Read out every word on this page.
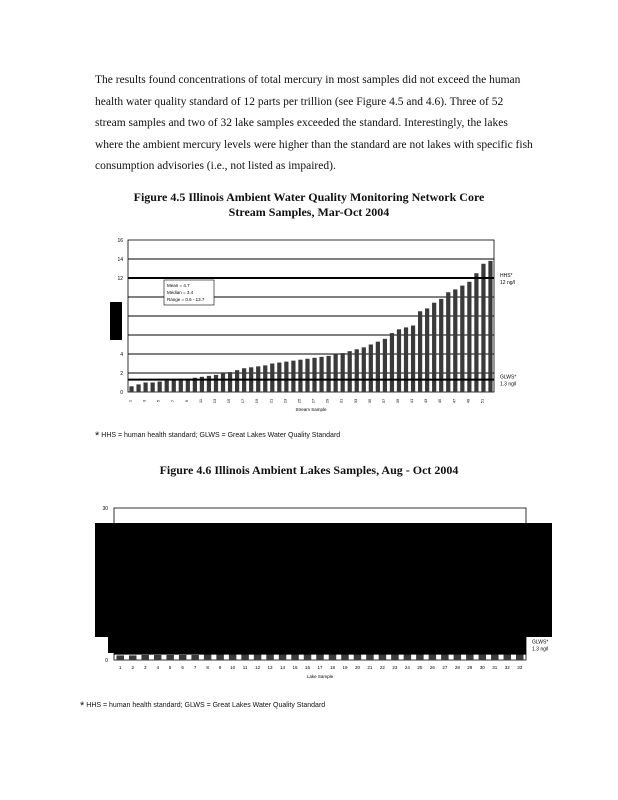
The results found concentrations of total mercury in most samples did not exceed the human health water quality standard of 12 parts per trillion (see Figure 4.5 and 4.6). Three of 52 stream samples and two of 32 lake samples exceeded the standard. Interestingly, the lakes where the ambient mercury levels were higher than the standard are not lakes with specific fish consumption advisories (i.e., not listed as impaired).

Figure 4.5 Illinois Ambient Water Quality Monitoring Network Core
Stream Samples, Mar-Oct 2004
0
2
4
12
14
16
1 3 5 7 9 11 13 15 17 19 21 23 25 27 29 31 33 35 37 39 41 43 45 47 49 51
Stream Sample
HHS*
12 ng/l
GLWS*
1.3 ng/l
Mean = 4.7
Median = 3.4
Range = 0.6 - 13.7
* HHS = human health standard; GLWS = Great Lakes Water Quality Standard
Figure 4.6 Illinois Ambient Lakes Samples, Aug - Oct 2004
0
30
1 2 3 4 5 6 7 8 9 10 11 12 13 14 15 16 17 18 19 20 21 22 23 24 25 26 27 28 29 30 31 32 33
Lake Sample
GLWS*
1.3 ng/l
* HHS = human health standard; GLWS = Great Lakes Water Quality Standard
